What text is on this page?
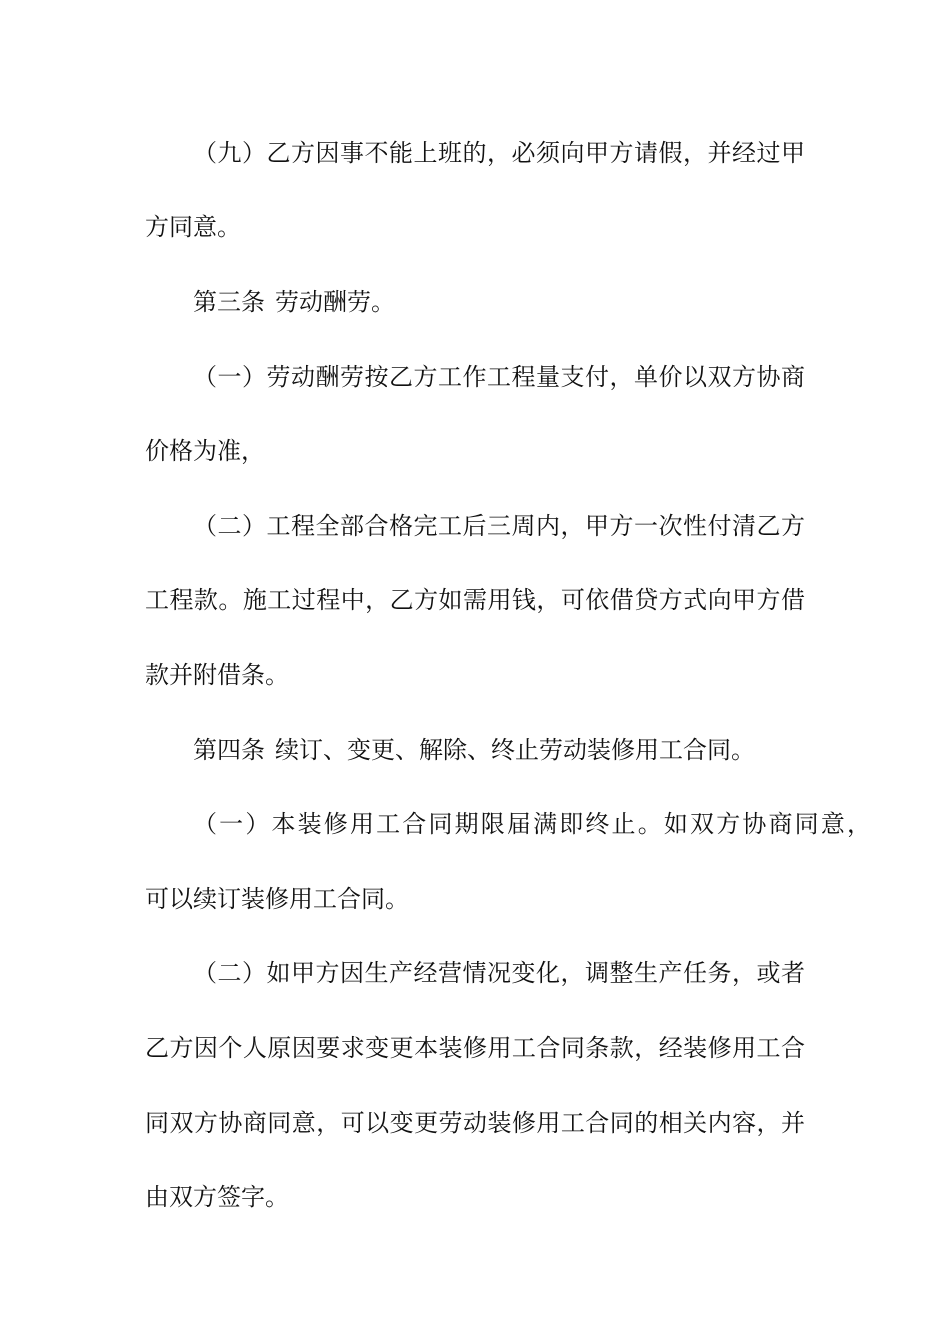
（九）乙方因事不能上班的，必须向甲方请假，并经过甲
方同意。
第三条 劳动酬劳。
（一）劳动酬劳按乙方工作工程量支付，单价以双方协商
价格为准，
（二）工程全部合格完工后三周内，甲方一次性付清乙方
工程款。施工过程中，乙方如需用钱，可依借贷方式向甲方借
款并附借条。
第四条 续订、变更、解除、终止劳动装修用工合同。
（一）本装修用工合同期限届满即终止。如双方协商同意，
可以续订装修用工合同。
（二）如甲方因生产经营情况变化，调整生产任务，或者
乙方因个人原因要求变更本装修用工合同条款，经装修用工合
同双方协商同意，可以变更劳动装修用工合同的相关内容，并
由双方签字。
